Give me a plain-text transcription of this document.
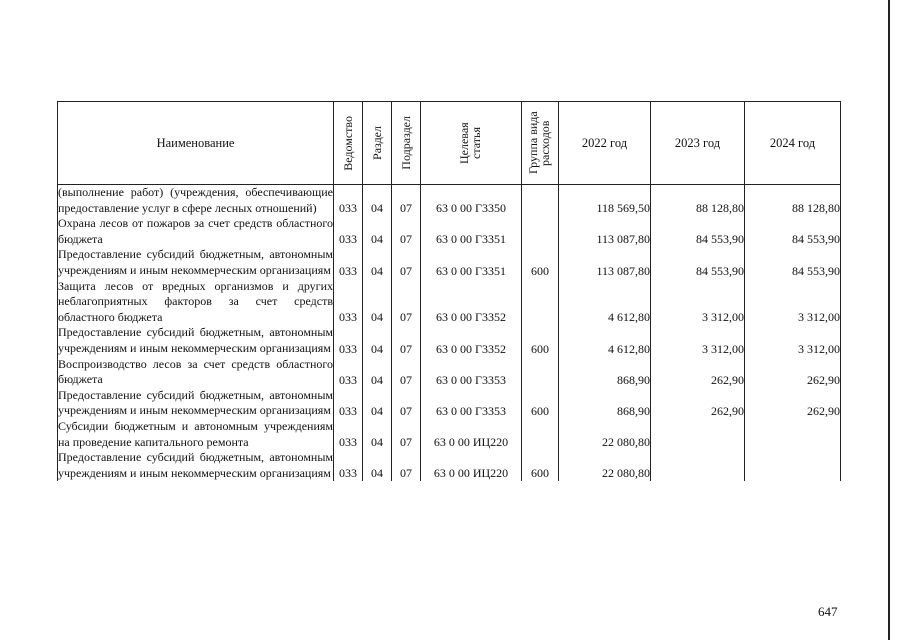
Наименование	Ведомство	Раздел	Подраздел	Целевая статья	Группа вида расходов	2022 год	2023 год	2024 год
(выполнение работ) (учреждения, обеспечивающие предоставление услуг в сфере лесных отношений)	033	04	07	63 0 00 Г3350		118 569,50	88 128,80	88 128,80
Охрана лесов от пожаров за счет средств областного бюджета	033	04	07	63 0 00 Г3351		113 087,80	84 553,90	84 553,90
Предоставление субсидий бюджетным, автономным учреждениям и иным некоммерческим организациям	033	04	07	63 0 00 Г3351	600	113 087,80	84 553,90	84 553,90
Защита лесов от вредных организмов и других неблагоприятных факторов за счет средств областного бюджета	033	04	07	63 0 00 Г3352		4 612,80	3 312,00	3 312,00
Предоставление субсидий бюджетным, автономным учреждениям и иным некоммерческим организациям	033	04	07	63 0 00 Г3352	600	4 612,80	3 312,00	3 312,00
Воспроизводство лесов за счет средств областного бюджета	033	04	07	63 0 00 Г3353		868,90	262,90	262,90
Предоставление субсидий бюджетным, автономным учреждениям и иным некоммерческим организациям	033	04	07	63 0 00 Г3353	600	868,90	262,90	262,90
Субсидии бюджетным и автономным учреждениям на проведение капитального ремонта	033	04	07	63 0 00 ИЦ220		22 080,80		
Предоставление субсидий бюджетным, автономным учреждениям и иным некоммерческим организациям	033	04	07	63 0 00 ИЦ220	600	22 080,80		
647
